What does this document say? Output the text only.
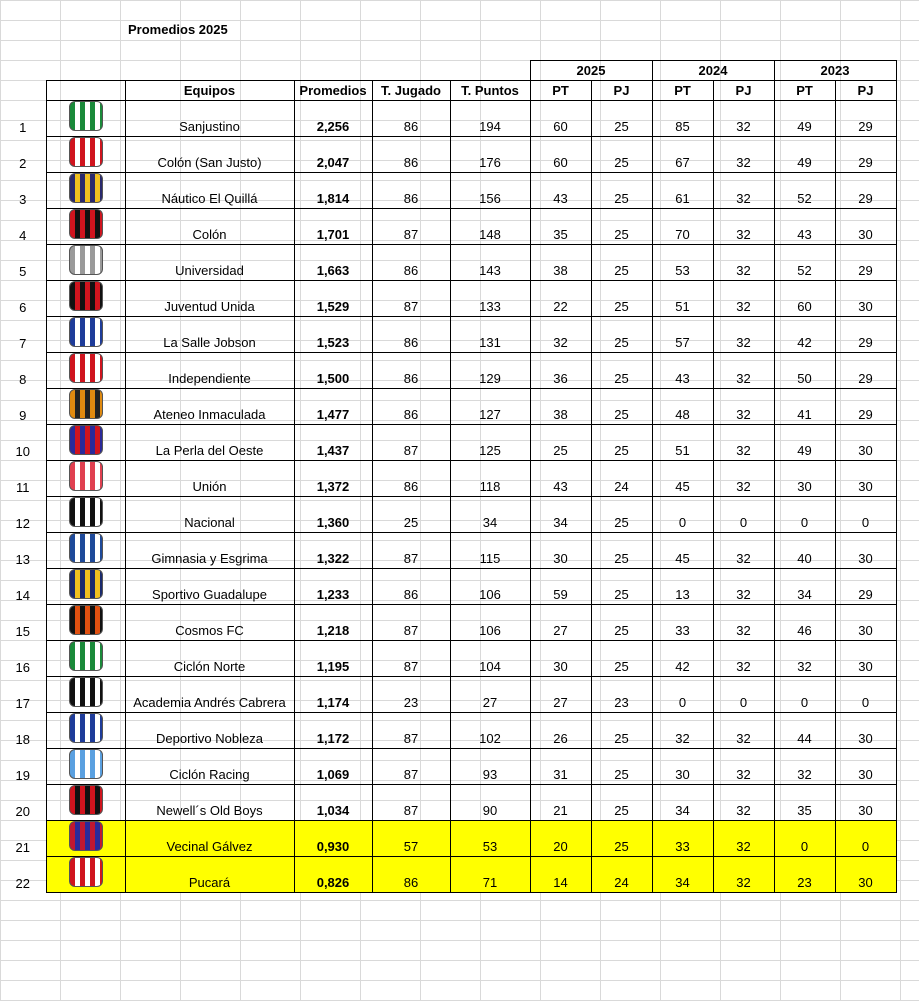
Promedios 2025
						2025		2024		2023	
		Equipos	Promedios	T. Jugado	T. Puntos	PT	PJ	PT	PJ	PT	PJ
1		Sanjustino	2,256	86	194	60	25	85	32	49	29
2		Colón (San Justo)	2,047	86	176	60	25	67	32	49	29
3		Náutico El Quillá	1,814	86	156	43	25	61	32	52	29
4		Colón	1,701	87	148	35	25	70	32	43	30
5		Universidad	1,663	86	143	38	25	53	32	52	29
6		Juventud Unida	1,529	87	133	22	25	51	32	60	30
7		La Salle Jobson	1,523	86	131	32	25	57	32	42	29
8		Independiente	1,500	86	129	36	25	43	32	50	29
9		Ateneo Inmaculada	1,477	86	127	38	25	48	32	41	29
10		La Perla del Oeste	1,437	87	125	25	25	51	32	49	30
11		Unión	1,372	86	118	43	24	45	32	30	30
12		Nacional	1,360	25	34	34	25	0	0	0	0
13		Gimnasia y Esgrima	1,322	87	115	30	25	45	32	40	30
14		Sportivo Guadalupe	1,233	86	106	59	25	13	32	34	29
15		Cosmos FC	1,218	87	106	27	25	33	32	46	30
16		Ciclón Norte	1,195	87	104	30	25	42	32	32	30
17		Academia Andrés Cabrera	1,174	23	27	27	23	0	0	0	0
18		Deportivo Nobleza	1,172	87	102	26	25	32	32	44	30
19		Ciclón Racing	1,069	87	93	31	25	30	32	32	30
20		Newell´s Old Boys	1,034	87	90	21	25	34	32	35	30
21		Vecinal Gálvez	0,930	57	53	20	25	33	32	0	0
22		Pucará	0,826	86	71	14	24	34	32	23	30
